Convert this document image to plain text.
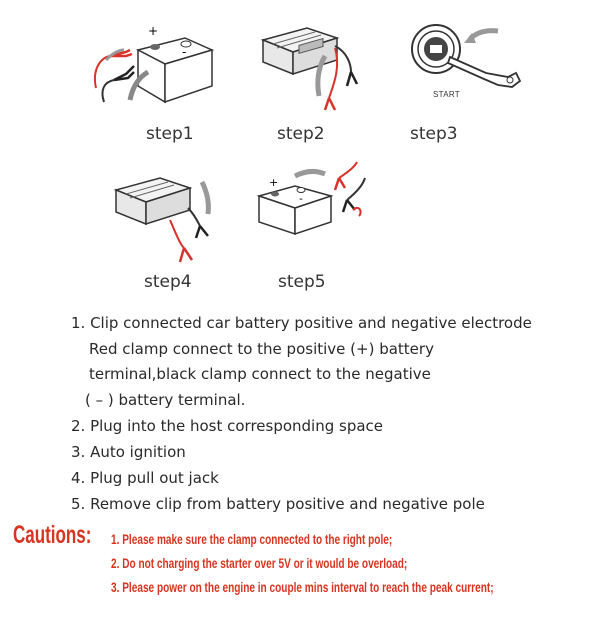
+
-
step1	step2
START
step3
step4
+
-
step5
1. Clip connected car battery positive and negative electrode
Red clamp connect to the positive (+) battery
terminal,black clamp connect to the negative
( – ) battery terminal.
2. Plug into the host corresponding space
3. Auto ignition
4. Plug pull out jack
5. Remove clip from battery positive and negative pole
Cautions: 1. Please make sure the clamp connected to the right pole;
2. Do not charging the starter over 5V or it would be overload;
3. Please power on the engine in couple mins interval to reach the peak current;
